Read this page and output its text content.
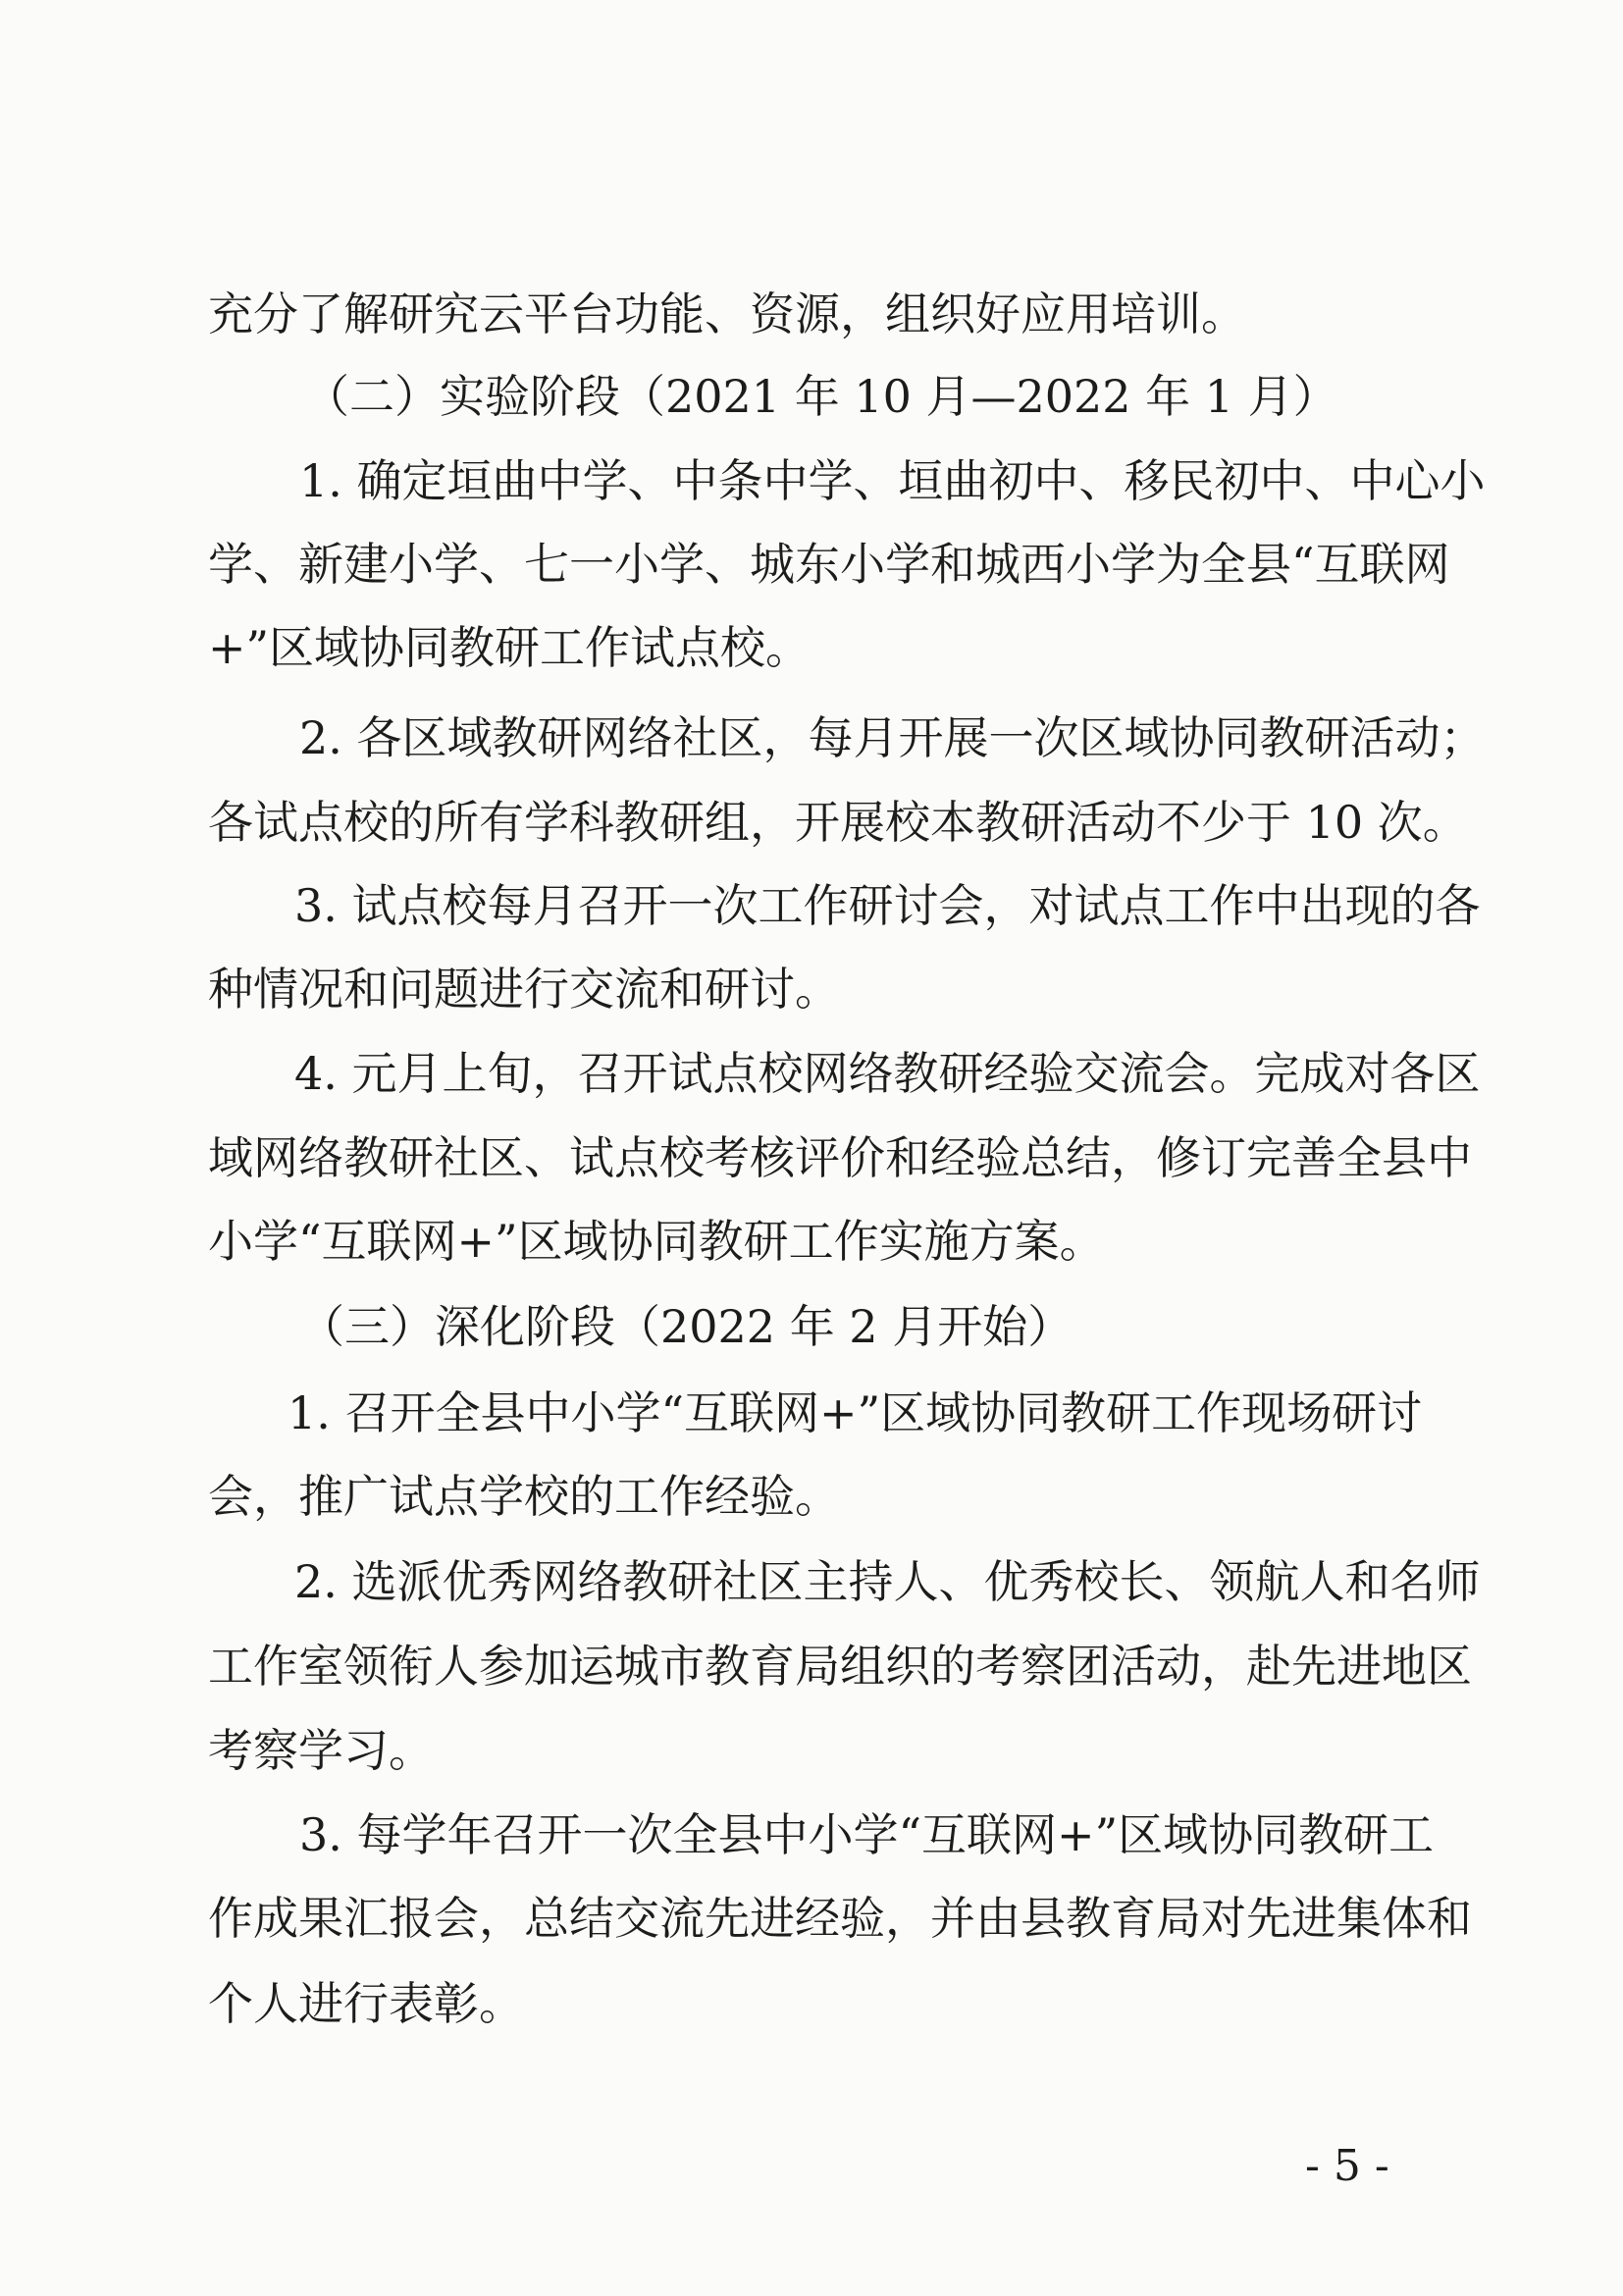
充分了解研究云平台功能、资源，组织好应用培训。
（二）实验阶段（2021 年 10 月—2022 年 1 月）
1. 确定垣曲中学、中条中学、垣曲初中、移民初中、中心小
学、新建小学、七一小学、城东小学和城西小学为全县“互联网
+”区域协同教研工作试点校。
2. 各区域教研网络社区，每月开展一次区域协同教研活动；
各试点校的所有学科教研组，开展校本教研活动不少于 10 次。
3. 试点校每月召开一次工作研讨会，对试点工作中出现的各
种情况和问题进行交流和研讨。
4. 元月上旬，召开试点校网络教研经验交流会。完成对各区
域网络教研社区、试点校考核评价和经验总结，修订完善全县中
小学“互联网+”区域协同教研工作实施方案。
（三）深化阶段（2022 年 2 月开始）
1. 召开全县中小学“互联网+”区域协同教研工作现场研讨
会，推广试点学校的工作经验。
2. 选派优秀网络教研社区主持人、优秀校长、领航人和名师
工作室领衔人参加运城市教育局组织的考察团活动，赴先进地区
考察学习。
3. 每学年召开一次全县中小学“互联网+”区域协同教研工
作成果汇报会，总结交流先进经验，并由县教育局对先进集体和
个人进行表彰。
- 5 -
